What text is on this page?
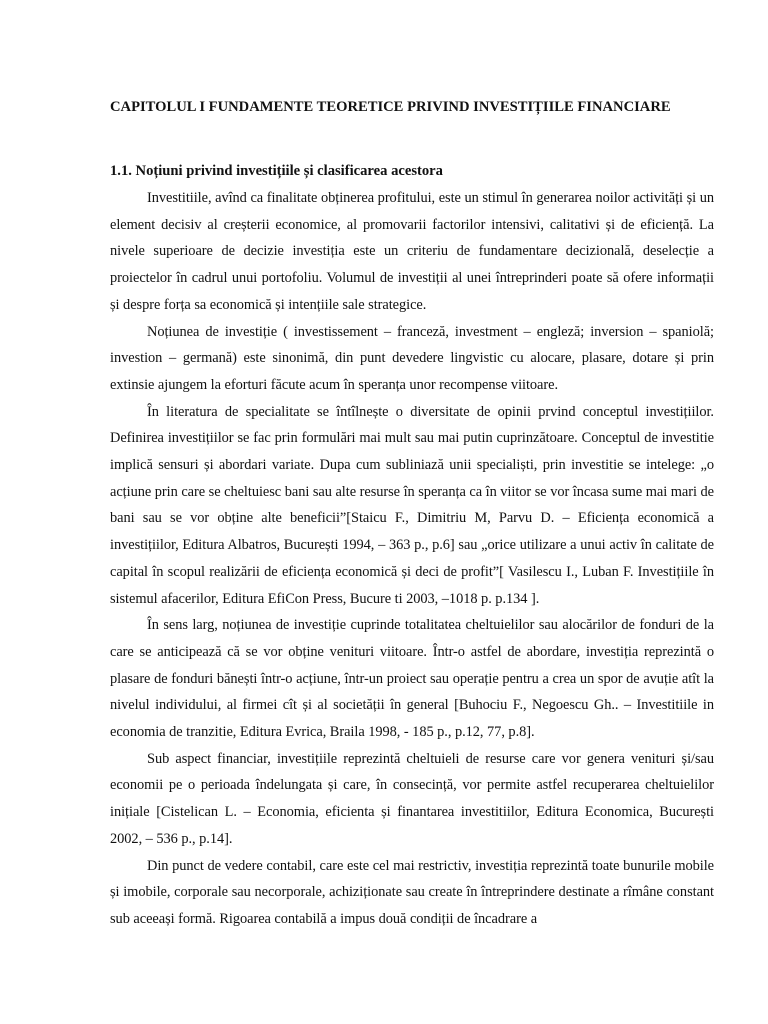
CAPITOLUL I FUNDAMENTE TEORETICE PRIVIND INVESTIȚIILE FINANCIARE
1.1. Noțiuni privind investițiile și clasificarea acestora

Investitiile, avînd ca finalitate obținerea profitului, este un stimul în generarea noilor activități și un element decisiv al creșterii economice, al promovarii factorilor intensivi, calitativi și de eficiență. La nivele superioare de decizie investiția este un criteriu de fundamentare decizională, deselecție a proiectelor în cadrul unui portofoliu. Volumul de investiții al unei întreprinderi poate să ofere informații și despre forța sa economică și intențiile sale strategice.

Noțiunea de investiție ( investissement – franceză, investment – engleză; inversion – spaniolă; investion – germană) este sinonimă, din punt devedere lingvistic cu alocare, plasare, dotare și prin extinsie ajungem la eforturi făcute acum în speranța unor recompense viitoare.

În literatura de specialitate se întîlnește o diversitate de opinii prvind conceptul investițiilor. Definirea investițiilor se fac prin formulări mai mult sau mai putin cuprinzătoare. Conceptul de investitie implică sensuri și abordari variate. Dupa cum subliniază unii specialiști, prin investitie se intelege: „o acțiune prin care se cheltuiesc bani sau alte resurse în speranța ca în viitor se vor încasa sume mai mari de bani sau se vor obține alte beneficii”[Staicu F., Dimitriu M, Parvu D. – Eficiența economică a investițiilor, Editura Albatros, București 1994, – 363 p., p.6] sau „orice utilizare a unui activ în calitate de capital în scopul realizării de eficiența economică și deci de profit”[ Vasilescu I., Luban F. Investițiile în sistemul afacerilor, Editura EfiCon Press, Bucure ti 2003, –1018 p. p.134 ].

În sens larg, noțiunea de investiție cuprinde totalitatea cheltuielilor sau alocărilor de fonduri de la care se anticipează că se vor obține venituri viitoare. Într-o astfel de abordare, investiția reprezintă o plasare de fonduri bănești într-o acțiune, într-un proiect sau operație pentru a crea un spor de avuție atît la nivelul individului, al firmei cît și al societății în general [Buhociu F., Negoescu Gh.. – Investitiile in economia de tranzitie, Editura Evrica, Braila 1998, - 185 p., p.12, 77, p.8].

Sub aspect financiar, investițiile reprezintă cheltuieli de resurse care vor genera venituri și/sau economii pe o perioada îndelungata și care, în consecință, vor permite astfel recuperarea cheltuielilor inițiale [Cistelican L. – Economia, eficienta și finantarea investitiilor, Editura Economica, București 2002, – 536 p., p.14].

Din punct de vedere contabil, care este cel mai restrictiv, investiția reprezintă toate bunurile mobile și imobile, corporale sau necorporale, achiziționate sau create în întreprindere destinate a rîmâne constant sub aceeași formă. Rigoarea contabilă a impus două condiții de încadrare a
